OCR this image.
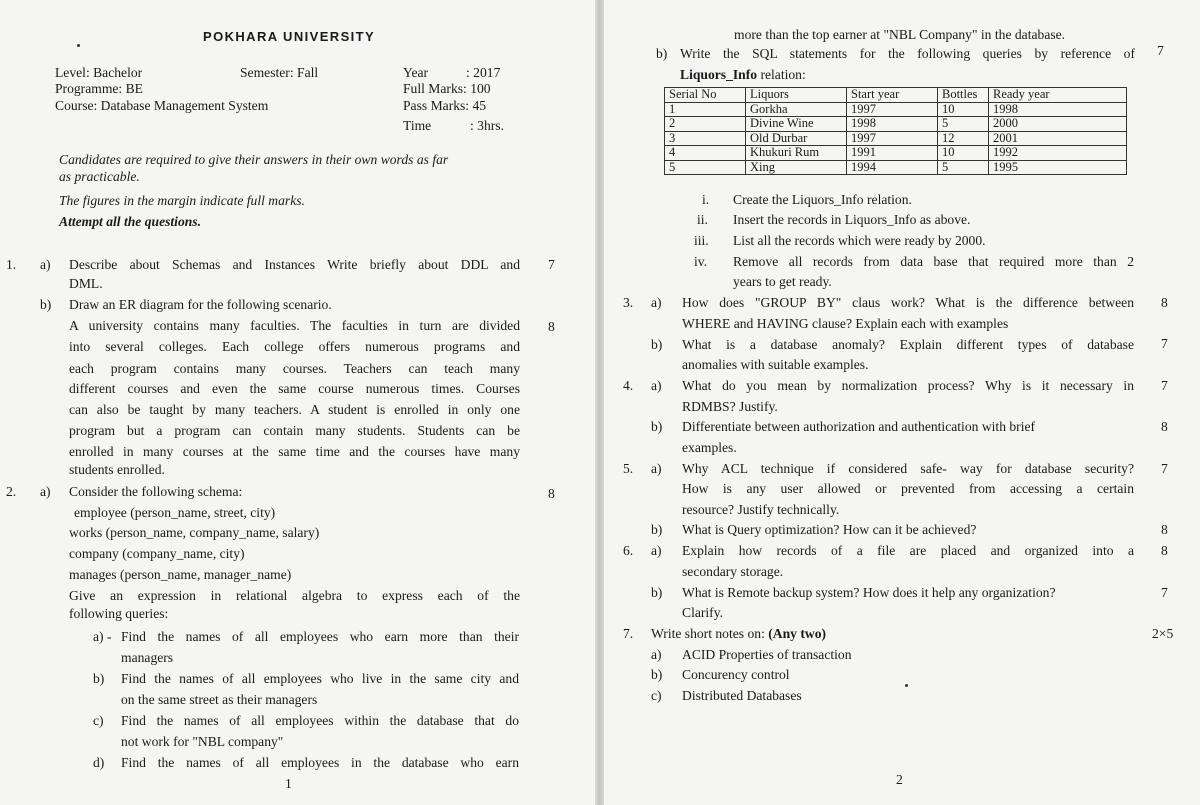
POKHARA UNIVERSITY
Level: Bachelor	Semester: Fall	Year	: 2017
Programme: BE	Full Marks: 100
Course: Database Management System	Pass Marks: 45
Time	: 3hrs.
Candidates are required to give their answers in their own words as far
as practicable.
The figures in the margin indicate full marks.
Attempt all the questions.
1. a) Describe about Schemas and Instances Write briefly about DDL and
DML.
7
b) Draw an ER diagram for the following scenario.
8
A university contains many faculties. The faculties in turn are divided
into several colleges. Each college offers numerous programs and
each program contains many courses. Teachers can teach many
different courses and even the same course numerous times. Courses
can also be taught by many teachers. A student is enrolled in only one
program but a program can contain many students. Students can be
enrolled in many courses at the same time and the courses have many
students enrolled.
2. a) Consider the following schema:	8
employee (person_name, street, city)
works (person_name, company_name, salary)
company (company_name, city)
manages (person_name, manager_name)
Give an expression in relational algebra to express each of the
following queries:
a) - Find the names of all employees who earn more than their
managers
b) Find the names of all employees who live in the same city and
on the same street as their managers
c) Find the names of all employees within the database that do
not work for "NBL company"
d) Find the names of all employees in the database who earn
1
more than the top earner at "NBL Company" in the database.
b) Write the SQL statements for the following queries by reference of
Liquors_Info relation:
7
Serial No	Liquors	Start year	Bottles	Ready year
1	Gorkha	1997	10	1998
2	Divine Wine	1998	5	2000
3	Old Durbar	1997	12	2001
4	Khukuri Rum	1991	10	1992
5	Xing	1994	5	1995
i. Create the Liquors_Info relation.
ii. Insert the records in Liquors_Info as above.
iii. List all the records which were ready by 2000.
iv. Remove all records from data base that required more than 2
years to get ready.
3. a) How does "GROUP BY" claus work? What is the difference between
WHERE and HAVING clause? Explain each with examples
8
b) What is a database anomaly? Explain different types of database
anomalies with suitable examples.
7
4. a) What do you mean by normalization process? Why is it necessary in
RDMBS? Justify.
7
b) Differentiate between authorization and authentication with brief
examples.
8
5. a) Why ACL technique if considered safe- way for database security?
How is any user allowed or prevented from accessing a certain
resource? Justify technically.
7
b) What is Query optimization? How can it be achieved?	8
6. a) Explain how records of a file are placed and organized into a
secondary storage.
8
b) What is Remote backup system? How does it help any organization?
Clarify.
7
7. Write short notes on: (Any two)	2×5
a) ACID Properties of transaction
b) Concurency control
c) Distributed Databases
2
